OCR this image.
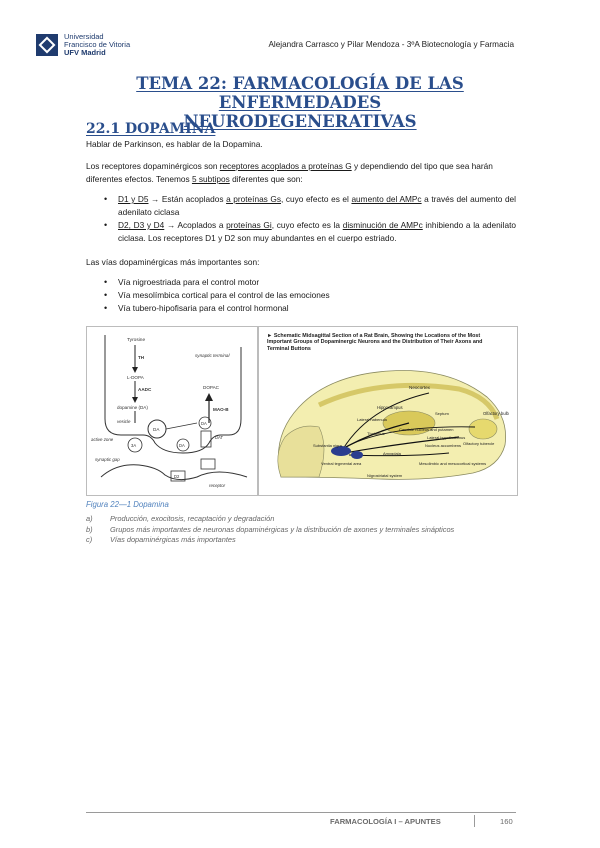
Universidad
Francisco de Vitoria
UFV Madrid
Alejandra Carrasco y Pilar Mendoza - 3ºA Biotecnología y Farmacia
TEMA 22: FARMACOLOGÍA DE LAS ENFERMEDADES
NEURODEGENERATIVAS
22.1 DOPAMINA
Hablar de Parkinson, es hablar de la Dopamina.
Los receptores dopaminérgicos son receptores acoplados a proteínas G y dependiendo del tipo que sea harán diferentes efectos. Tenemos 5 subtipos diferentes que son:
• D1 y D5 → Están acoplados a proteínas Gs, cuyo efecto es el aumento del AMPc a través del aumento del adenilato ciclasa
• D2, D3 y D4 → Acoplados a proteínas Gi, cuyo efecto es la disminución de AMPc inhibiendo a la adenilato ciclasa. Los receptores D1 y D2 son muy abundantes en el cuerpo estriado.
Las vías dopaminérgicas más importantes son:
• Vía nigroestriada para el control motor
• Vía mesolímbica cortical para el control de las emociones
• Vía tubero-hipofisaria para el control hormonal
Tyrosine
TH
L-DOPA
AADC
synaptic terminal
dopamine (DA)
DOPAC
MAO-B
vesicle
DA
DA
active zone
3A	DA
synaptic gap
D2
DAT
receptor
► Schematic Midsagittal Section of a Rat Brain, Showing the Locations of the Most Important Groups of Dopaminergic Neurons and the Distribution of Their Axons and Terminal Buttons
Neocortex
Hippocampus
Olfactory bulb
Lateral habenula
Caudate nucleus and putamen
Thalamus
Septum
Olfactory tubercle
Substantia nigra
Ventral tegmental area
Amygdala
Nucleus accumbens
Lateral hypothalamus
Mesolimbic and mesocortical systems
Nigrostriatal system
Figura 22—1 Dopamina
a)	Producción, exocitosis, recaptación y degradación
b)	Grupos más importantes de neuronas dopaminérgicas y la distribución de axones y terminales sinápticos
c)	Vías dopaminérgicas más importantes
FARMACOLOGÍA I – APUNTES	160
